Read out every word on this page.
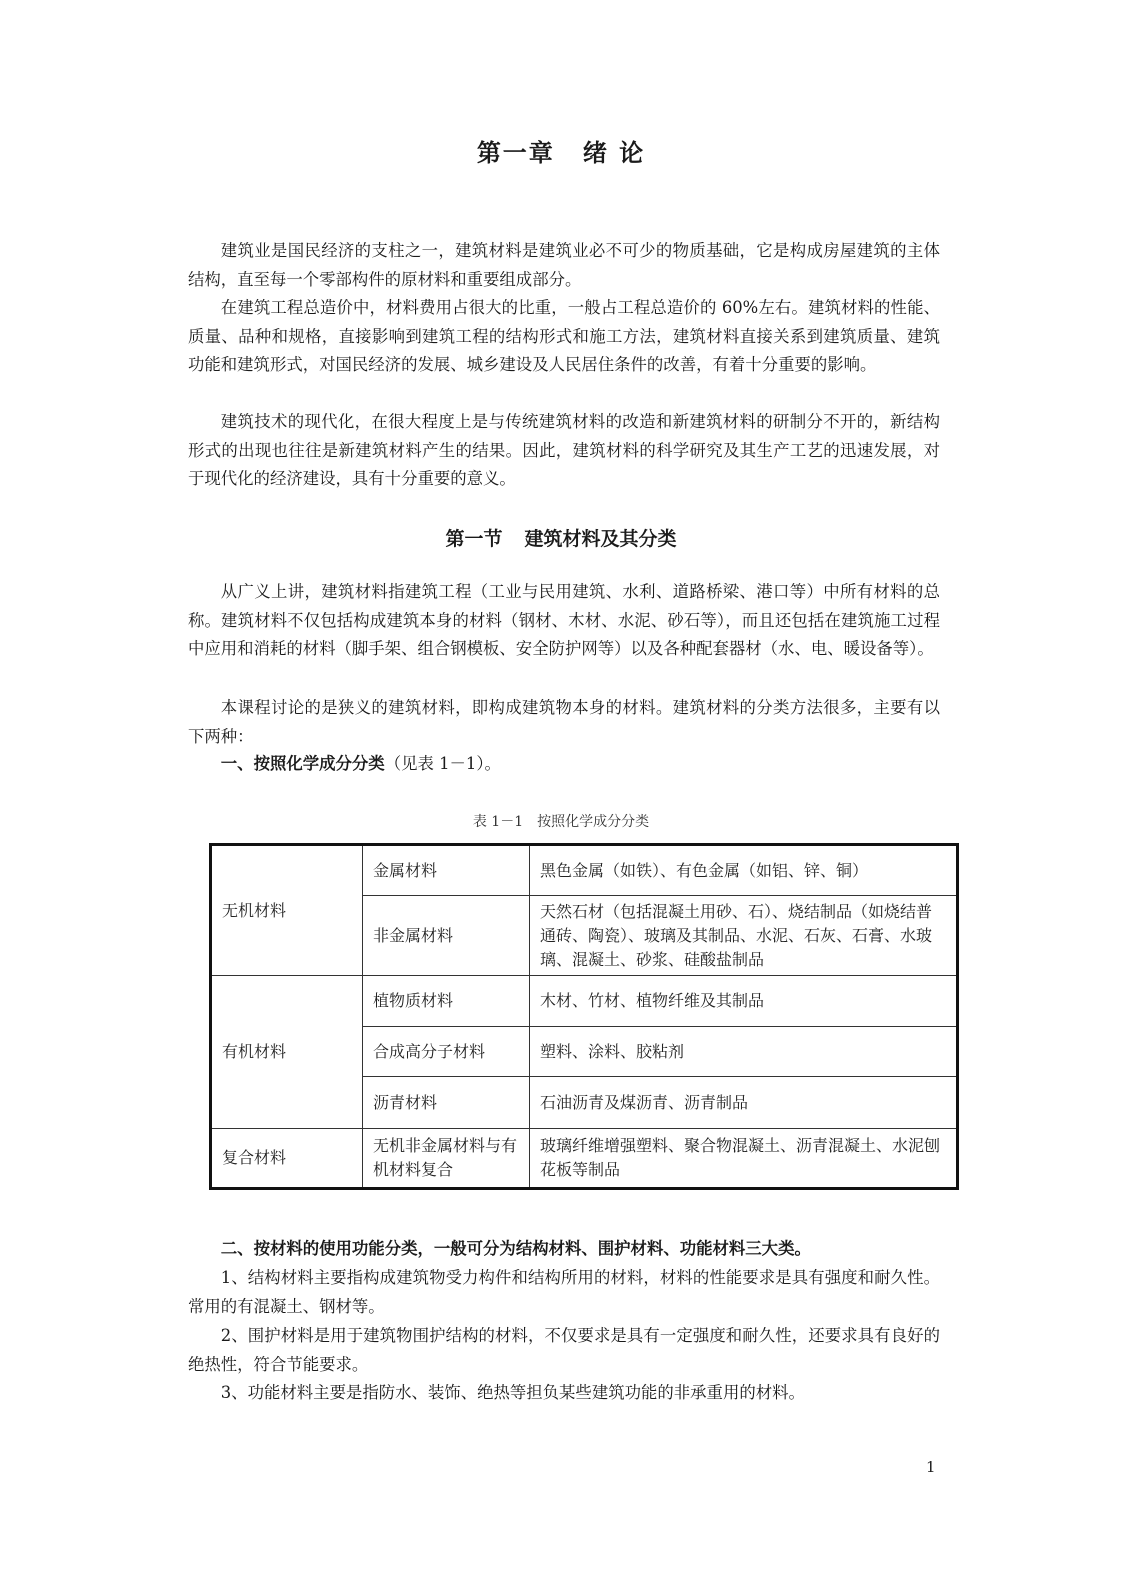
第一章 绪 论

建筑业是国民经济的支柱之一，建筑材料是建筑业必不可少的物质基础，它是构成房屋建筑的主体结构，直至每一个零部构件的原材料和重要组成部分。

在建筑工程总造价中，材料费用占很大的比重，一般占工程总造价的 60%左右。建筑材料的性能、质量、品种和规格，直接影响到建筑工程的结构形式和施工方法，建筑材料直接关系到建筑质量、建筑功能和建筑形式，对国民经济的发展、城乡建设及人民居住条件的改善，有着十分重要的影响。

建筑技术的现代化，在很大程度上是与传统建筑材料的改造和新建筑材料的研制分不开的，新结构形式的出现也往往是新建筑材料产生的结果。因此，建筑材料的科学研究及其生产工艺的迅速发展，对于现代化的经济建设，具有十分重要的意义。

第一节 建筑材料及其分类

从广义上讲，建筑材料指建筑工程（工业与民用建筑、水利、道路桥梁、港口等）中所有材料的总称。建筑材料不仅包括构成建筑本身的材料（钢材、木材、水泥、砂石等），而且还包括在建筑施工过程中应用和消耗的材料（脚手架、组合钢模板、安全防护网等）以及各种配套器材（水、电、暖设备等）。

本课程讨论的是狭义的建筑材料，即构成建筑物本身的材料。建筑材料的分类方法很多，主要有以下两种：

一、按照化学成分分类（见表 1－1）。

表 1－1 按照化学成分分类

无机材料	金属材料	黑色金属（如铁）、有色金属（如铝、锌、铜）
	非金属材料	天然石材（包括混凝土用砂、石）、烧结制品（如烧结普通砖、陶瓷）、玻璃及其制品、水泥、石灰、石膏、水玻璃、混凝土、砂浆、硅酸盐制品
有机材料	植物质材料	木材、竹材、植物纤维及其制品
	合成高分子材料	塑料、涂料、胶粘剂
	沥青材料	石油沥青及煤沥青、沥青制品
复合材料	无机非金属材料与有机材料复合	玻璃纤维增强塑料、聚合物混凝土、沥青混凝土、水泥刨花板等制品

二、按材料的使用功能分类，一般可分为结构材料、围护材料、功能材料三大类。

1、结构材料主要指构成建筑物受力构件和结构所用的材料，材料的性能要求是具有强度和耐久性。常用的有混凝土、钢材等。

2、围护材料是用于建筑物围护结构的材料，不仅要求是具有一定强度和耐久性，还要求具有良好的绝热性，符合节能要求。

3、功能材料主要是指防水、装饰、绝热等担负某些建筑功能的非承重用的材料。

1
